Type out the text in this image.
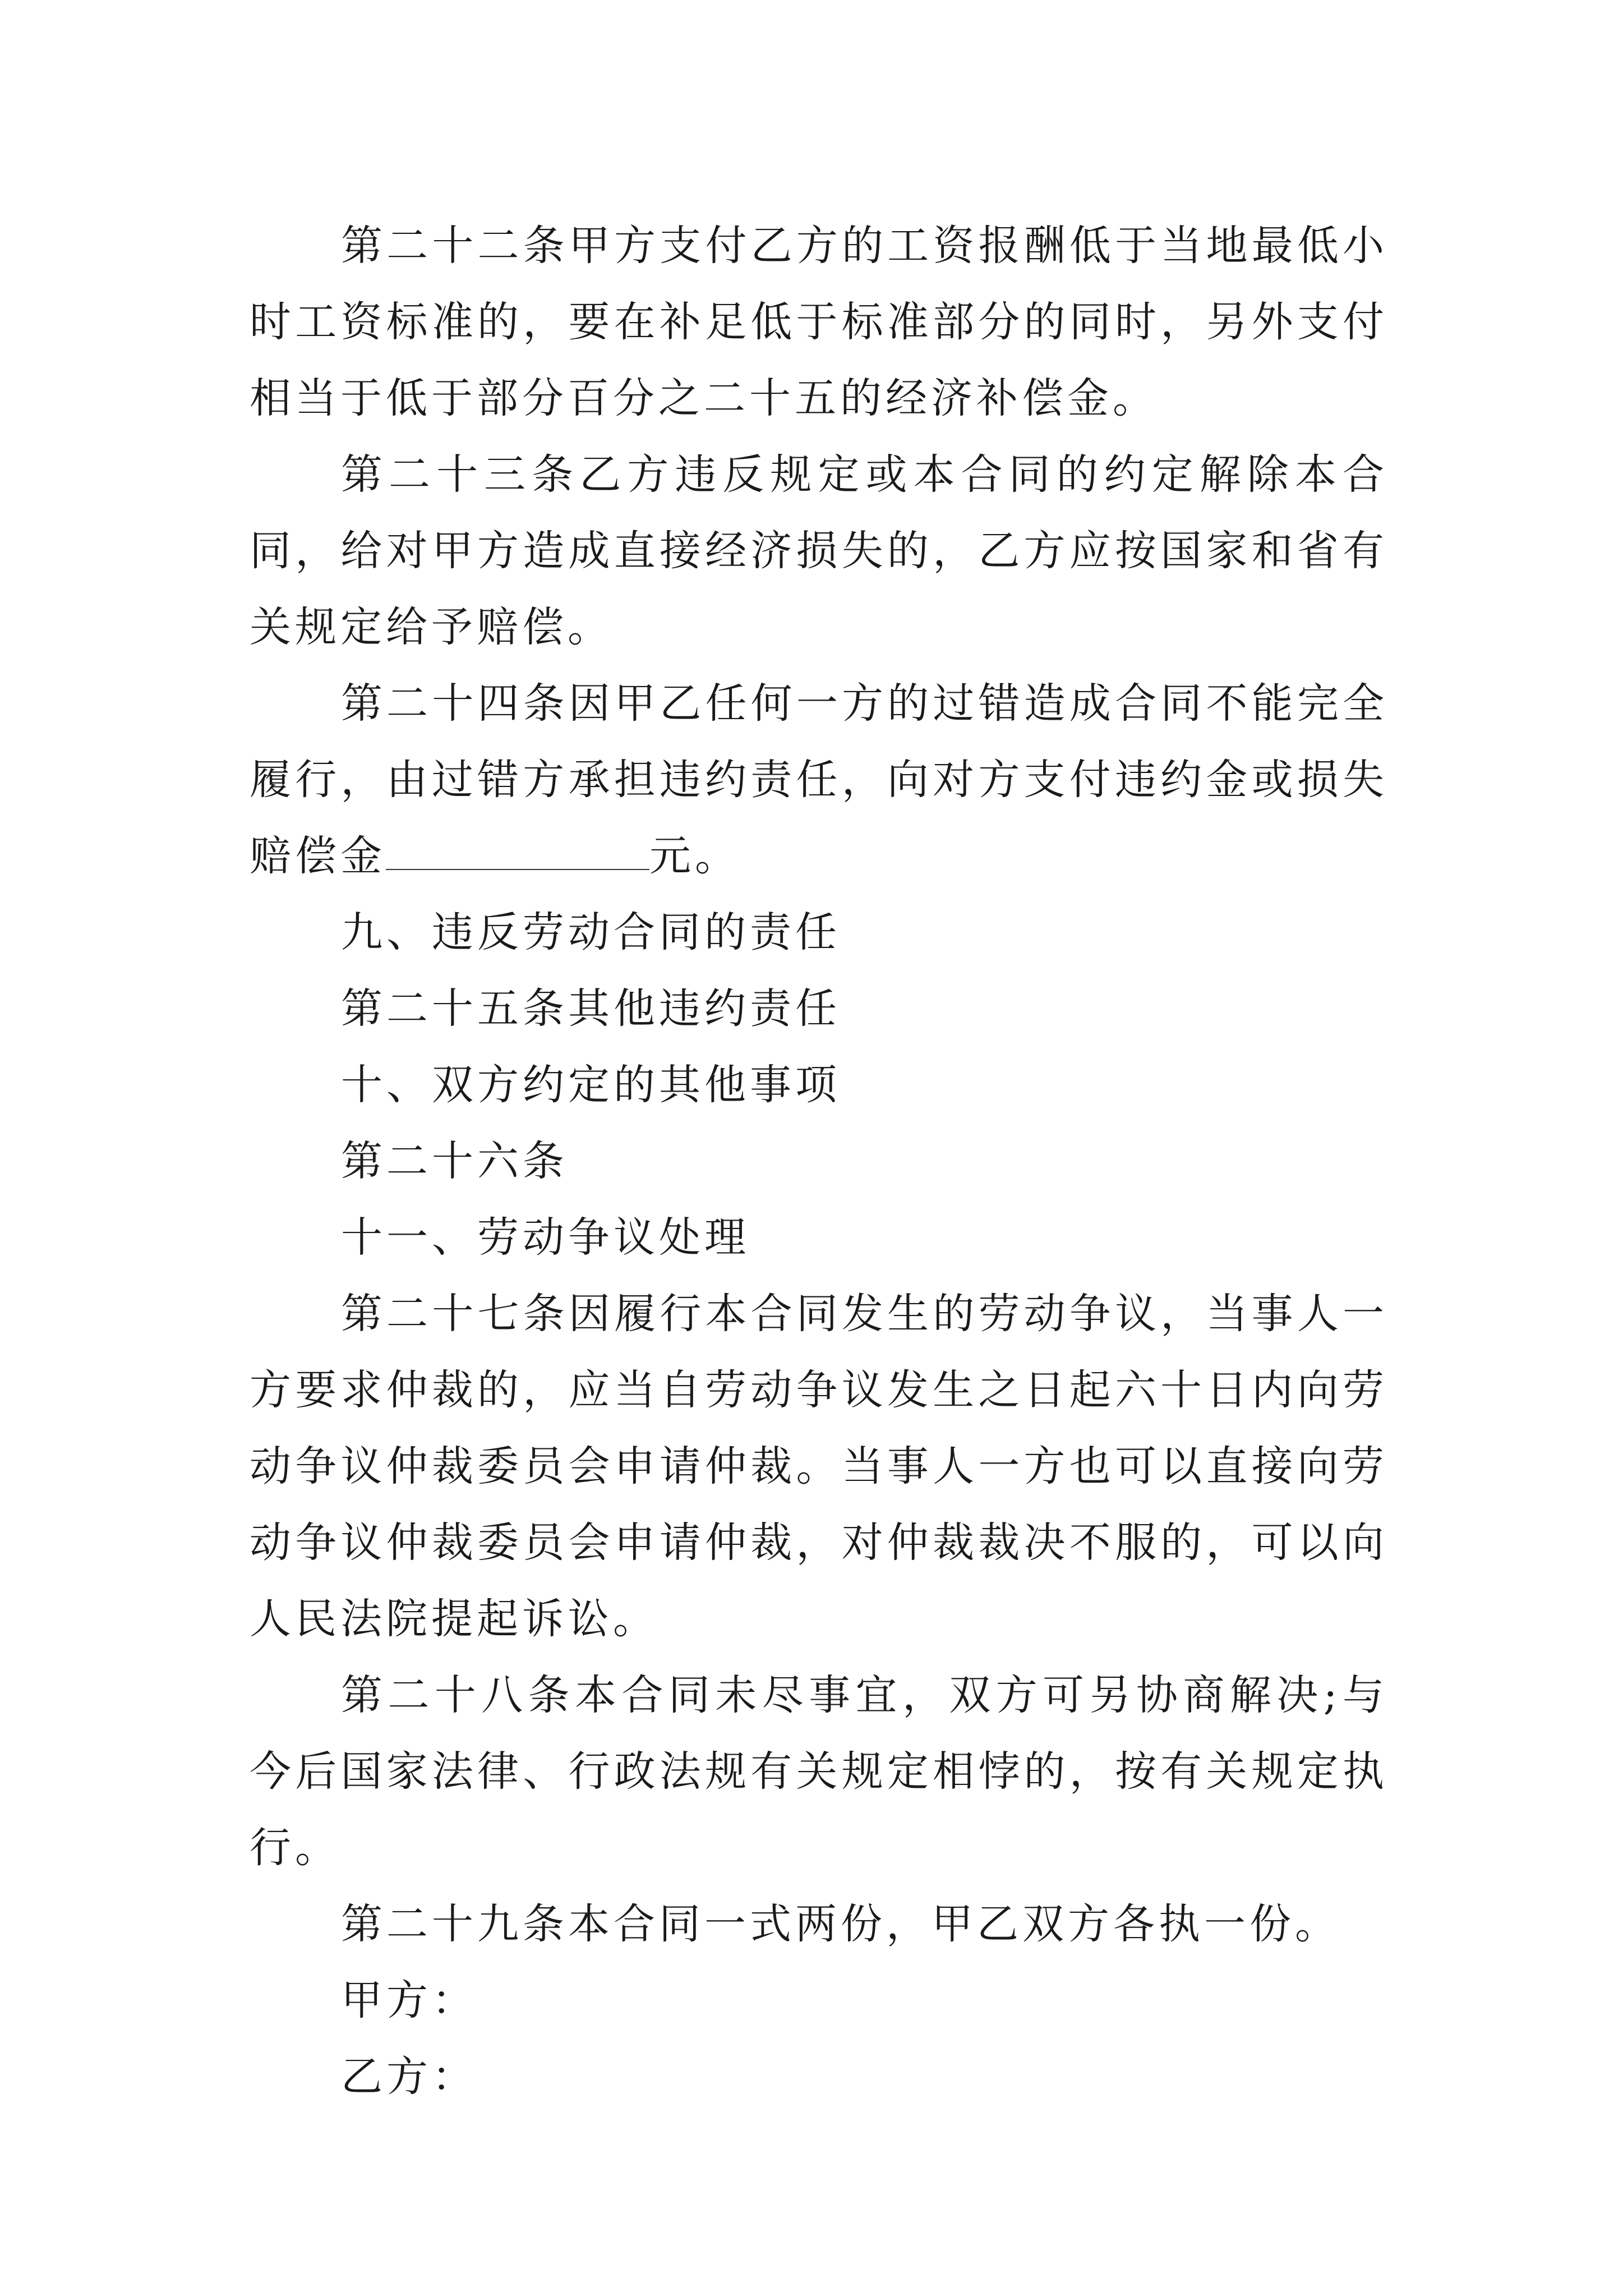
第二十二条甲方支付乙方的工资报酬低于当地最低小时工资标准的，要在补足低于标准部分的同时，另外支付相当于低于部分百分之二十五的经济补偿金。

第二十三条乙方违反规定或本合同的约定解除本合同，给对甲方造成直接经济损失的，乙方应按国家和省有关规定给予赔偿。

第二十四条因甲乙任何一方的过错造成合同不能完全履行，由过错方承担违约责任，向对方支付违约金或损失赔偿金	元。

九、违反劳动合同的责任

第二十五条其他违约责任

十、双方约定的其他事项

第二十六条

十一、劳动争议处理

第二十七条因履行本合同发生的劳动争议，当事人一方要求仲裁的，应当自劳动争议发生之日起六十日内向劳动争议仲裁委员会申请仲裁。当事人一方也可以直接向劳动争议仲裁委员会申请仲裁，对仲裁裁决不服的，可以向人民法院提起诉讼。

第二十八条本合同未尽事宜，双方可另协商解决;与今后国家法律、行政法规有关规定相悖的，按有关规定执行。

第二十九条本合同一式两份，甲乙双方各执一份。

甲方：

乙方：
